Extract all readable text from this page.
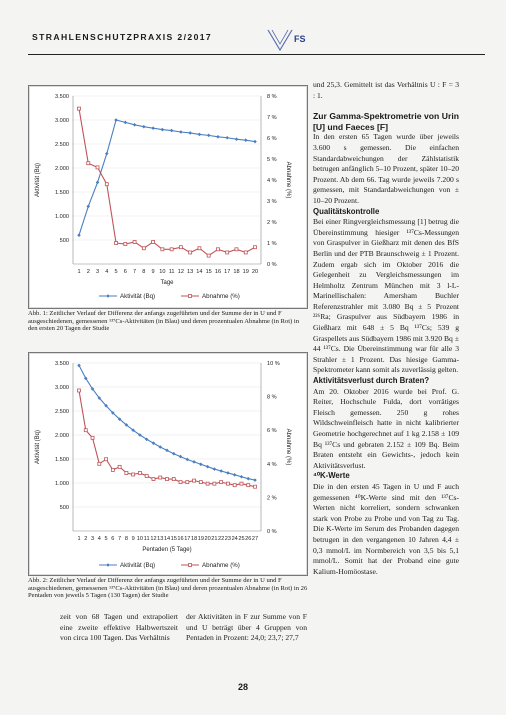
STRAHLENSCHUTZPRAXIS 2/2017	FS
500
1.000
1.500
2.000
2.500
3.000
3.500
0 %
1 %
2 %
3 %
4 %
5 %
6 %
7 %
8 %
1 2 3 4 5 6 7 8 9 10 11 12 13 14 15 16 17 18 19 20
Tage
Aktivität (Bq)	Abnahme (%)
Aktivität (Bq)	Abnahme (%)
Abb. 1: Zeitlicher Verlauf der Differenz der anfangs zugeführten und der Summe der in U und F ausgeschiedenen, gemessenen ¹³⁷Cs-Aktivitäten (in Blau) und deren prozentualen Abnahme (in Rot) in den ersten 20 Tagen der Studie
500
1.000
1.500
2.000
2.500
3.000
3.500
0 %
2 %
4 %
6 %
8 %
10 %
1 2 3 4 5 6 7 8 9 10 11 12 13 14 15 16 17 18 19 20 21 22 23 24 25 26 27
Pentaden (5 Tage)
Aktivität (Bq)	Abnahme (%)
Aktivität (Bq)	Abnahme (%)
Abb. 2: Zeitlicher Verlauf der Differenz der anfangs zugeführten und der Summe der in U und F ausgeschiedenen, gemessenen ¹³⁷Cs-Aktivitäten (in Blau) und deren prozentualen Abnahme (in Rot) in 26 Pentaden von jeweils 5 Tagen (130 Tagen) der Studie

und 25,3. Gemittelt ist das Verhältnis U : F = 3 : 1.

Zur Gamma-Spektrometrie von Urin [U] und Faeces [F]

In den ersten 65 Tagen wurde über jeweils 3.600 s gemessen. Die einfachen Standardabweichungen der Zählstatistik betrugen anfänglich 5–10 Prozent, später 10–20 Prozent. Ab dem 66. Tag wurde jeweils 7.200 s gemessen, mit Standardabweichungen von ± 10–20 Prozent.

Qualitätskontrolle

Bei einer Ringvergleichsmessung [1] betrug die Übereinstimmung hiesiger ¹³⁷Cs-Messungen von Graspulver in Gießharz mit denen des BfS Berlin und der PTB Braunschweig ± 1 Prozent. Zudem ergab sich im Oktober 2016 die Gelegenheit zu Vergleichsmessungen im Helmholtz Zentrum München mit 3 l-L-Marinellischalen: Amersham Buchler Referenzstrahler mit 3.080 Bq ± 5 Prozent ²²⁶Ra; Graspulver aus Südbayern 1986 in Gießharz mit 648 ± 5 Bq ¹³⁷Cs; 539 g Graspellets aus Südbayern 1986 mit 3.920 Bq ± 44 ¹³⁷Cs. Die Übereinstimmung war für alle 3 Strahler ± 1 Prozent. Das hiesige Gamma-Spektrometer kann somit als zuverlässig gelten.

Aktivitätsverlust durch Braten?

Am 20. Oktober 2016 wurde bei Prof. G. Reiter, Hochschule Fulda, dort vorrätiges Fleisch gemessen. 250 g rohes Wildschweinfleisch hatte in nicht kalibrierter Geometrie hochgerechnet auf 1 kg 2.158 ± 109 Bq ¹³⁷Cs und gebraten 2.152 ± 109 Bq. Beim Braten entsteht ein Gewichts-, jedoch kein Aktivitätsverlust.

⁴⁰K-Werte

Die in den ersten 45 Tagen in U und F auch gemessenen ⁴⁰K-Werte sind mit den ¹³⁷Cs-Werten nicht korreliert, sondern schwanken stark von Probe zu Probe und von Tag zu Tag. Die K-Werte im Serum des Probanden dagegen betrugen in den vergangenen 10 Jahren 4,4 ± 0,3 mmol/L im Normbereich von 3,5 bis 5,1 mmol/L. Somit hat der Proband eine gute Kalium-Homöostase.

zeit von 68 Tagen und extrapoliert eine zweite effektive Halbwertszeit von circa 100 Tagen. Das Verhältnis
der Aktivitäten in F zur Summe von F und U beträgt über 4 Gruppen von Pentaden in Prozent: 24,0; 23,7; 27,7
28
